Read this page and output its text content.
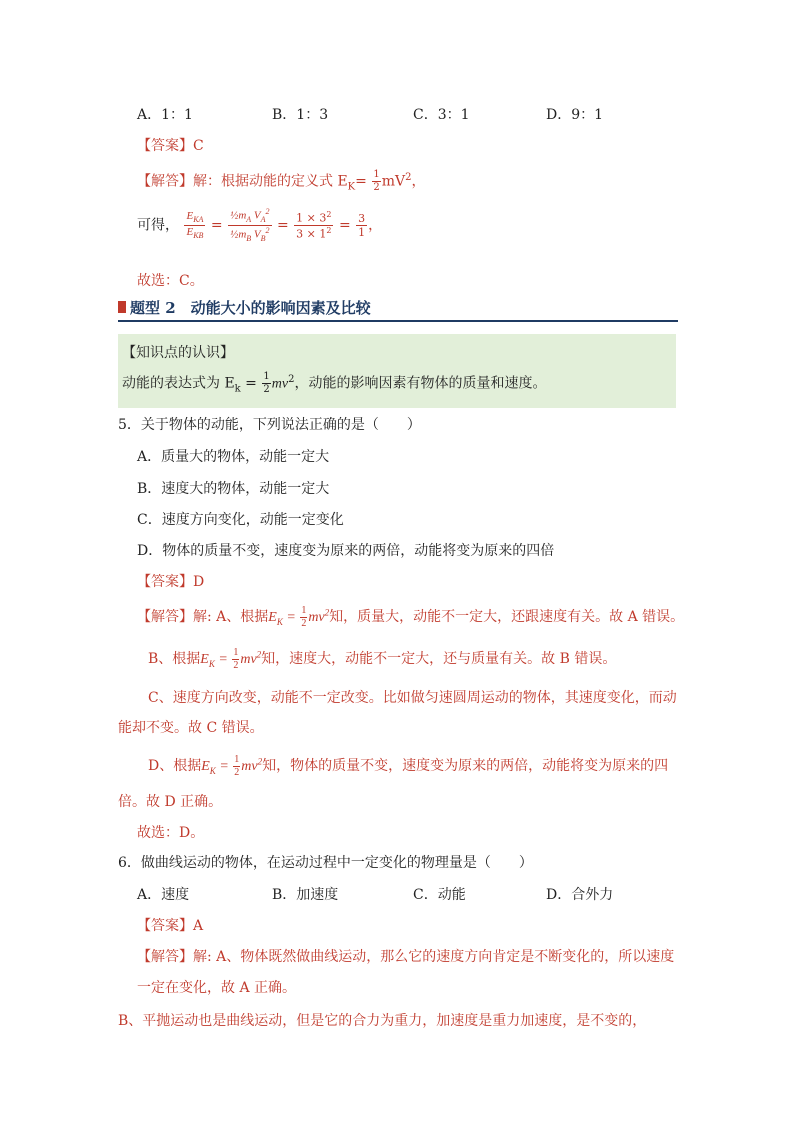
A．1：1	B．1：3	C．3：1	D．9：1
【答案】C
【解答】解：根据动能的定义式 $E_K= \frac{1}{2} mV^2$，
可得， $\frac{E_{KA}}{E_{KB}} = \frac{\frac{1}{2}m_A V_A^2}{\frac{1}{2}m_B V_B^2} = \frac{1 \times 3^2}{3 \times 1^2} = \frac{3}{1}$ ，
故选：C。
题型 2　动能大小的影响因素及比较
【知识点的认识】
动能的表达式为 $E_k = \frac{1}{2} mv^2$，动能的影响因素有物体的质量和速度。
5．关于物体的动能，下列说法正确的是（　　）
A．质量大的物体，动能一定大
B．速度大的物体，动能一定大
C．速度方向变化，动能一定变化
D．物体的质量不变，速度变为原来的两倍，动能将变为原来的四倍
【答案】D
【解答】解: A、根据$E_K = \frac{1}{2} mv^2$知，质量大，动能不一定大，还跟速度有关。故 A 错误。
B、根据$E_K = \frac{1}{2} mv^2$知，速度大，动能不一定大，还与质量有关。故 B 错误。
C、速度方向改变，动能不一定改变。比如做匀速圆周运动的物体，其速度变化，而动
能却不变。故 C 错误。
D、根据$E_K = \frac{1}{2} mv^2$知，物体的质量不变，速度变为原来的两倍，动能将变为原来的四
倍。故 D 正确。
故选：D。
6．做曲线运动的物体，在运动过程中一定变化的物理量是（　　）
A．速度	B．加速度	C．动能	D．合外力
【答案】A
【解答】解: A、物体既然做曲线运动，那么它的速度方向肯定是不断变化的，所以速度
一定在变化，故 A 正确。
B、平抛运动也是曲线运动，但是它的合力为重力，加速度是重力加速度，是不变的，
